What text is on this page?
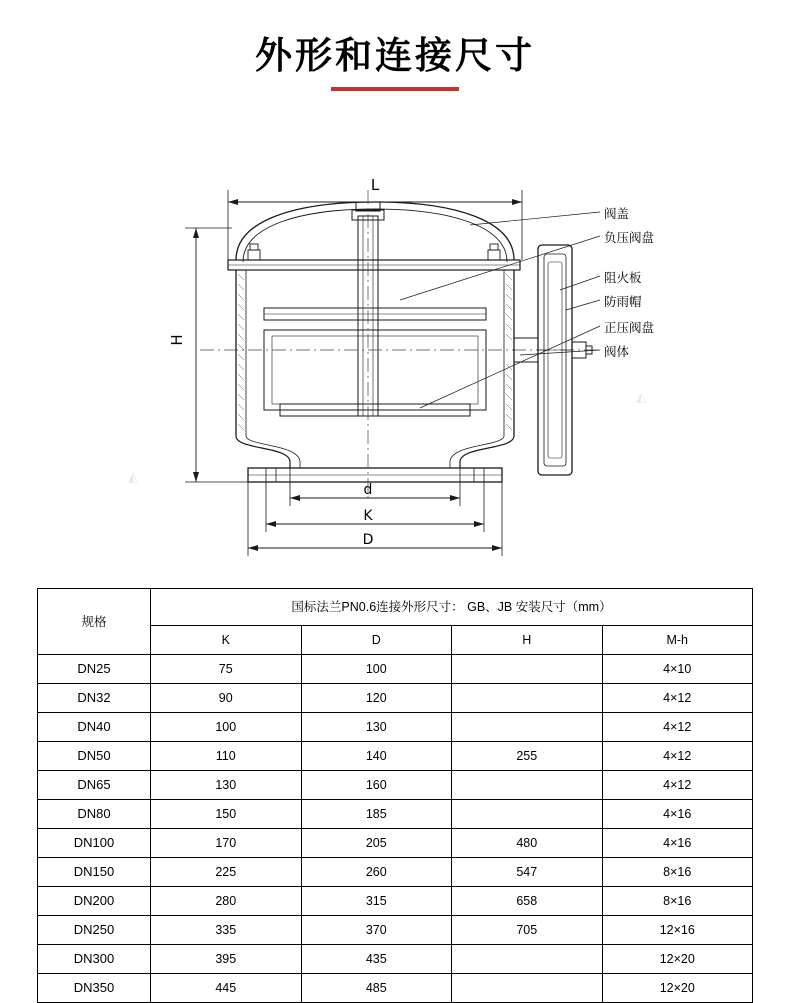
外形和连接尺寸
L
H
d
K
D
阀盖
负压阀盘
阻火板
防雨帽
正压阀盘
阀体
◭
◭
规格	国标法兰PN0.6连接外形尺寸： GB、JB 安装尺寸（mm）			
	K	D	H	M-h
DN25	75	100		4×10
DN32	90	120		4×12
DN40	100	130		4×12
DN50	110	140	255	4×12
DN65	130	160		4×12
DN80	150	185		4×16
DN100	170	205	480	4×16
DN150	225	260	547	8×16
DN200	280	315	658	8×16
DN250	335	370	705	12×16
DN300	395	435		12×20
DN350	445	485		12×20
